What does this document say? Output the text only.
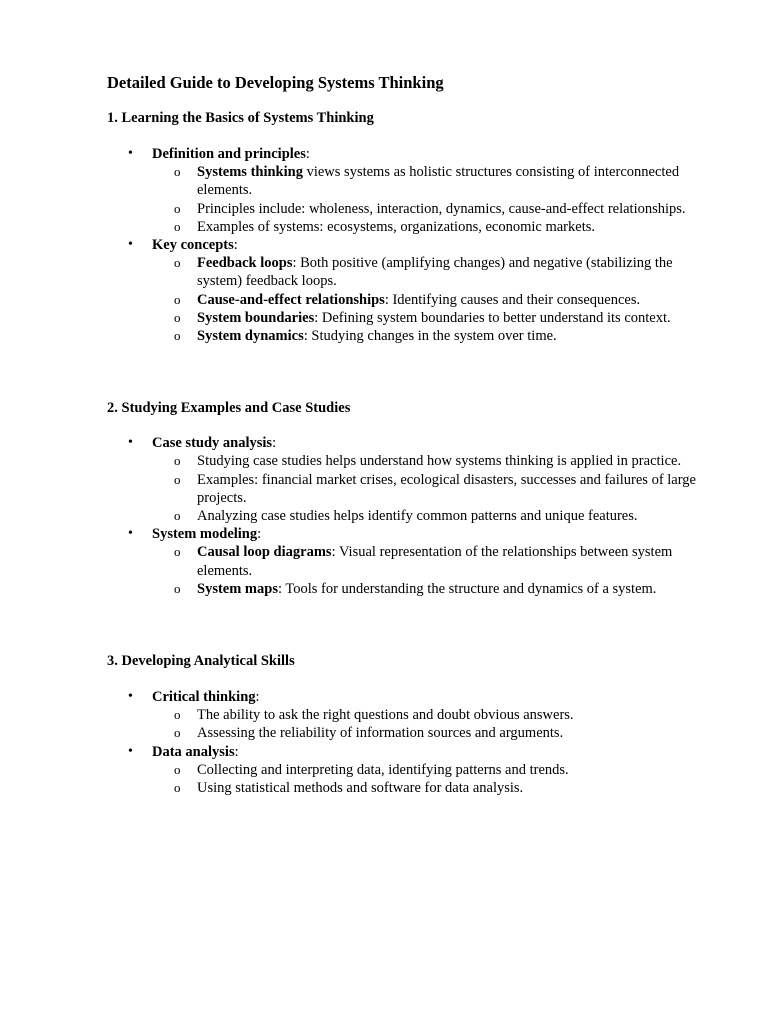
Detailed Guide to Developing Systems Thinking
1. Learning the Basics of Systems Thinking
•	Definition and principles:
o Systems thinking views systems as holistic structures consisting of interconnected elements.
o Principles include: wholeness, interaction, dynamics, cause-and-effect relationships.
o Examples of systems: ecosystems, organizations, economic markets.
•	Key concepts:
o Feedback loops: Both positive (amplifying changes) and negative (stabilizing the system) feedback loops.
o Cause-and-effect relationships: Identifying causes and their consequences.
o System boundaries: Defining system boundaries to better understand its context.
o System dynamics: Studying changes in the system over time.
2. Studying Examples and Case Studies
•	Case study analysis:
o Studying case studies helps understand how systems thinking is applied in practice.
o Examples: financial market crises, ecological disasters, successes and failures of large projects.
o Analyzing case studies helps identify common patterns and unique features.
•	System modeling:
o Causal loop diagrams: Visual representation of the relationships between system elements.
o System maps: Tools for understanding the structure and dynamics of a system.
3. Developing Analytical Skills
•	Critical thinking:
o The ability to ask the right questions and doubt obvious answers.
o Assessing the reliability of information sources and arguments.
•	Data analysis:
o Collecting and interpreting data, identifying patterns and trends.
o Using statistical methods and software for data analysis.
